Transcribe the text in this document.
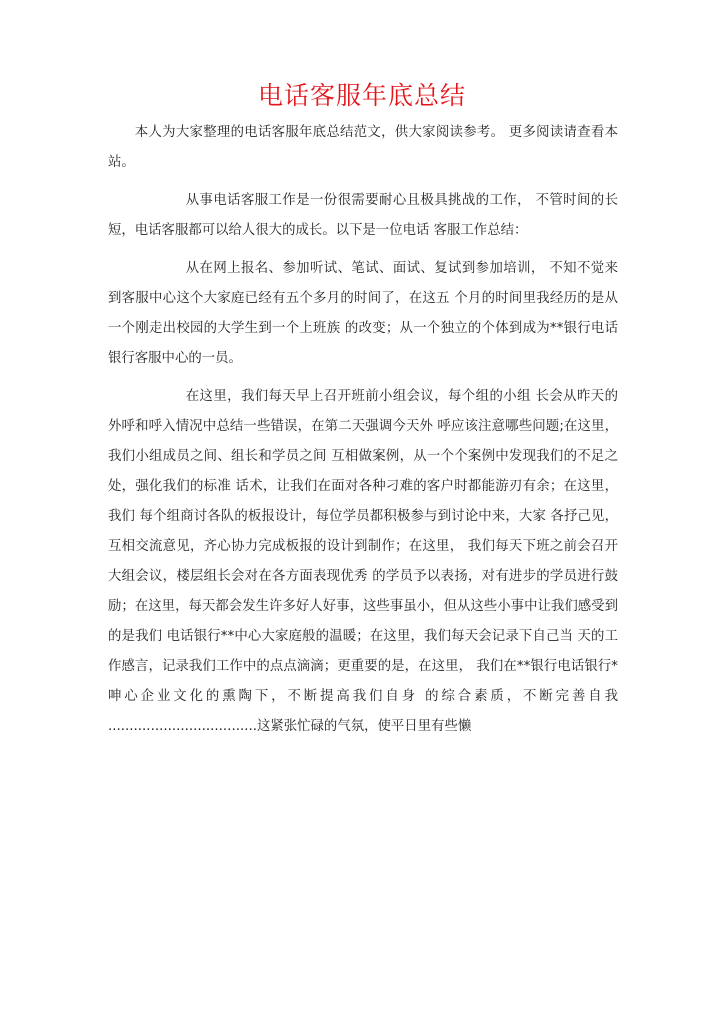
电话客服年底总结

本人为大家整理的电话客服年底总结范文，供大家阅读参考。 更多阅读请查看本站。

从事电话客服工作是一份很需要耐心且极具挑战的工作， 不管时间的长短，电话客服都可以给人很大的成长。以下是一位电话 客服工作总结：

从在网上报名、参加听试、笔试、面试、复试到参加培训， 不知不觉来到客服中心这个大家庭已经有五个多月的时间了，在这五 个月的时间里我经历的是从一个刚走出校园的大学生到一个上班族 的改变；从一个独立的个体到成为**银行电话银行客服中心的一员。

在这里，我们每天早上召开班前小组会议，每个组的小组 长会从昨天的外呼和呼入情况中总结一些错误，在第二天强调今天外 呼应该注意哪些问题;在这里，我们小组成员之间、组长和学员之间 互相做案例，从一个个案例中发现我们的不足之处，强化我们的标准 话术，让我们在面对各种刁难的客户时都能游刃有余；在这里，我们 每个组商讨各队的板报设计，每位学员都积极参与到讨论中来，大家 各抒己见，互相交流意见，齐心协力完成板报的设计到制作；在这里， 我们每天下班之前会召开大组会议，楼层组长会对在各方面表现优秀 的学员予以表扬，对有进步的学员进行鼓励；在这里，每天都会发生许多好人好事，这些事虽小，但从这些小事中让我们感受到的是我们 电话银行**中心大家庭般的温暖；在这里，我们每天会记录下自己当 天的工作感言，记录我们工作中的点点滴滴；更重要的是，在这里， 我们在**银行电话银行*呻心企业文化的熏陶下，不断提高我们自身 的综合素质，不断完善自我 ...................................这紧张忙碌的气氛，使平日里有些懒
